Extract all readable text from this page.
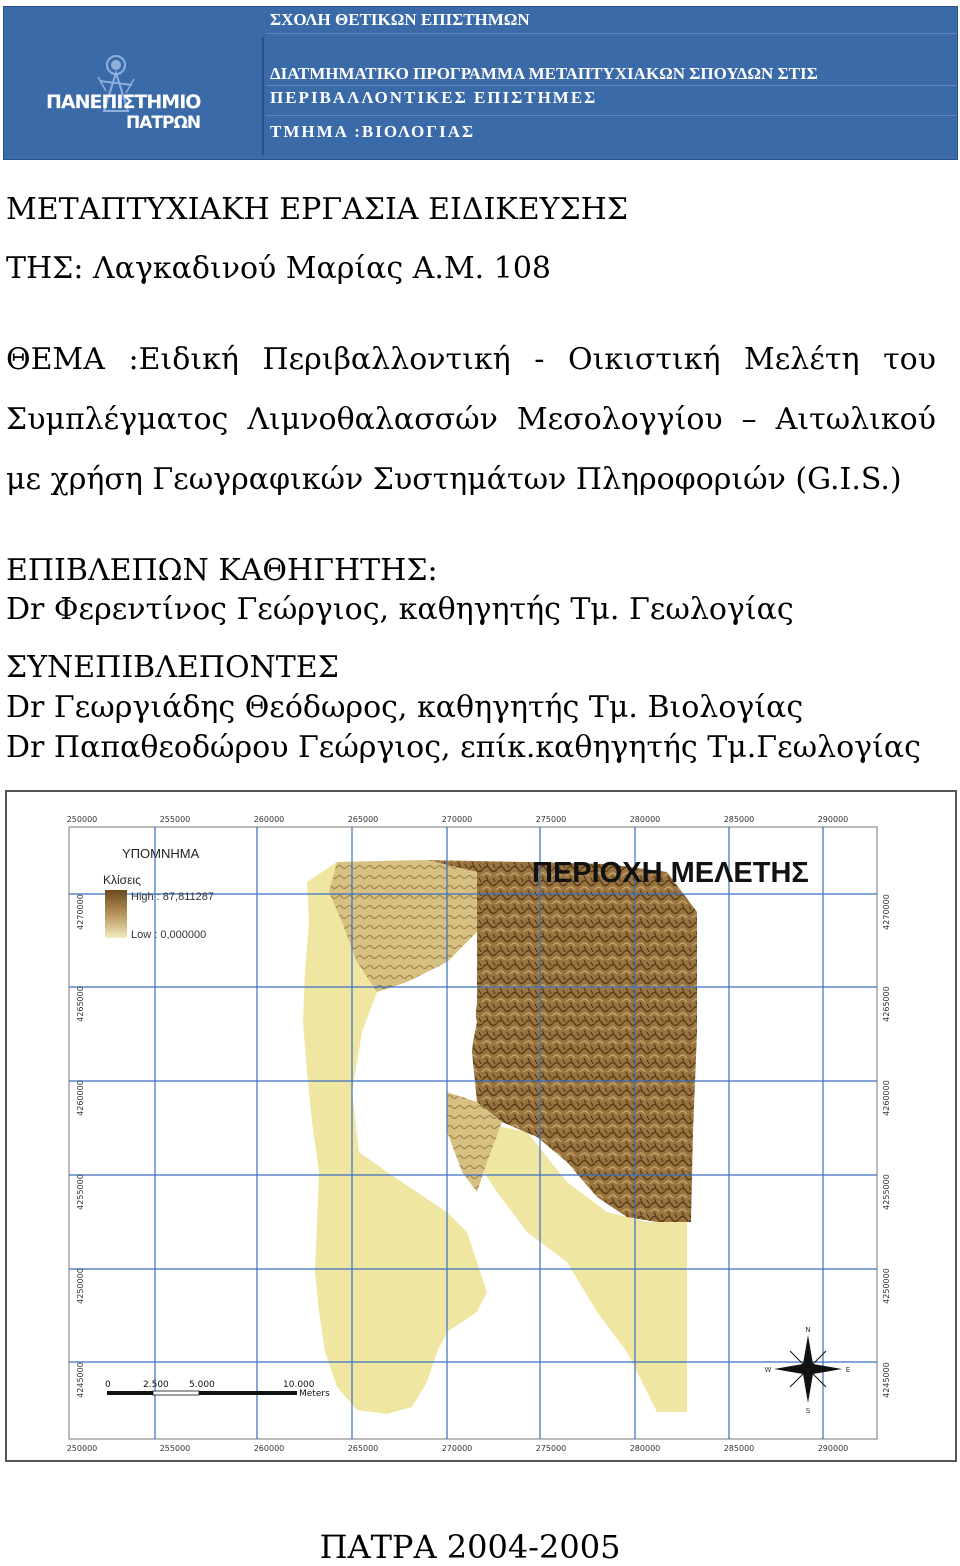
ΠΑΝΕΠΙΣΤΗΜΙΟ
ΠΑΤΡΩΝ
ΣΧΟΛΗ ΘΕΤΙΚΩΝ ΕΠΙΣΤΗΜΩΝ
ΔΙΑΤΜΗΜΑΤΙΚΟ ΠΡΟΓΡΑΜΜΑ ΜΕΤΑΠΤΥΧΙΑΚΩΝ ΣΠΟΥΔΩΝ ΣΤΙΣ
ΠΕΡΙΒΑΛΛΟΝΤΙΚΕΣ ΕΠΙΣΤΗΜΕΣ
ΤΜΗΜΑ :ΒΙΟΛΟΓΙΑΣ
ΜΕΤΑΠΤΥΧΙΑΚΗ ΕΡΓΑΣΙΑ ΕΙΔΙΚΕΥΣΗΣ
ΤΗΣ: Λαγκαδινού Μαρίας Α.Μ. 108
ΘΕΜΑ :Ειδική Περιβαλλοντική - Οικιστική Μελέτη του
Συμπλέγματος Λιμνοθαλασσών Μεσολογγίου – Αιτωλικού
με χρήση Γεωγραφικών Συστημάτων Πληροφοριών (G.I.S.)
ΕΠΙΒΛΕΠΩΝ ΚΑΘΗΓΗΤΗΣ:
Dr Φερεντίνος Γεώργιος, καθηγητής Τμ. Γεωλογίας
ΣΥΝΕΠΙΒΛΕΠΟΝΤΕΣ
Dr Γεωργιάδης Θεόδωρος, καθηγητής Τμ. Βιολογίας
Dr Παπαθεοδώρου Γεώργιος, επίκ.καθηγητής Τμ.Γεωλογίας
250000	255000	260000	265000	270000	275000	280000	285000	290000
250000	255000	260000	265000	270000	275000	280000	285000	290000
4270000
4265000
4260000
4255000
4250000
4245000
4270000
4265000
4260000
4255000
4250000
4245000
ΥΠΟΜΝΗΜΑ
Κλίσεις
High : 87,811287
Low : 0,000000
ΠΕΡΙΟΧΗ ΜΕΛΕΤΗΣ
0	2.500 5.000	10.000
Meters
N
S
E
W
ΠΑΤΡΑ 2004-2005
